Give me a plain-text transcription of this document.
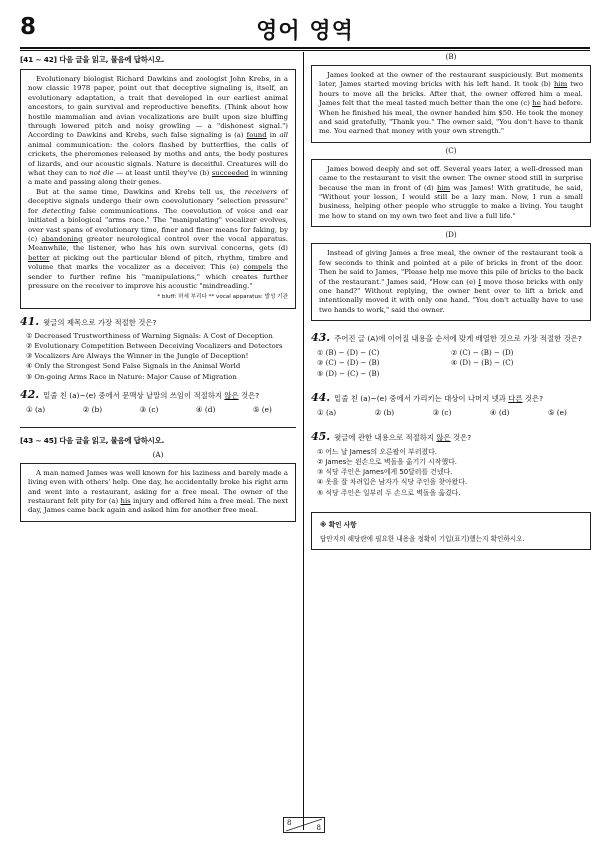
8	영어 영역
[41 ~ 42] 다음 글을 읽고, 물음에 답하시오.

Evolutionary biologist Richard Dawkins and zoologist John Krebs, in a now classic 1978 paper, point out that deceptive signaling is, itself, an evolutionary adaptation, a trait that developed in our earliest animal ancestors, to gain survival and reproductive benefits. (Think about how hostile mammalian and avian vocalizations are built upon size bluffing through lowered pitch and noisy growling — a "dishonest signal.") According to Dawkins and Krebs, such false signaling is (a) found in all animal communication: the colors flashed by butterflies, the calls of crickets, the pheromones released by moths and ants, the body postures of lizards, and our acoustic signals. Nature is deceitful. Creatures will do what they can to not die — at least until they've (b) succeeded in winning a mate and passing along their genes.

But at the same time, Dawkins and Krebs tell us, the receivers of deceptive signals undergo their own coevolutionary "selection pressure" for detecting false communications. The coevolution of voice and ear initiated a biological "arms race." The "manipulating" vocalizer evolves, over vast spans of evolutionary time, finer and finer means for faking, by (c) abandoning greater neurological control over the vocal apparatus. Meanwhile, the listener, who has his own survival concerns, gets (d) better at picking out the particular blend of pitch, rhythm, timbre and volume that marks the vocalizer as a deceiver. This (e) compels the sender to further refine his "manipulations," which creates further pressure on the receiver to improve his acoustic "mindreading."

* bluff: 허세 부리다 ** vocal apparatus: 발성 기관
41. 윗글의 제목으로 가장 적절한 것은?
① Decreased Trustworthiness of Warning Signals: A Cost of Deception
② Evolutionary Competition Between Deceiving Vocalizers and Detectors
③ Vocalizers Are Always the Winner in the Jungle of Deception!
④ Only the Strongest Send False Signals in the Animal World
⑤ On-going Arms Race in Nature: Major Cause of Migration
42. 밑줄 친 (a)~(e) 중에서 문맥상 낱말의 쓰임이 적절하지 않은 것은?
① (a)	② (b)	③ (c)	④ (d)	⑤ (e)
[43 ~ 45] 다음 글을 읽고, 물음에 답하시오.
(A)

A man named James was well known for his laziness and barely made a living even with others' help. One day, he accidentally broke his right arm and went into a restaurant, asking for a free meal. The owner of the restaurant felt pity for (a) his injury and offered him a free meal. The next day, James came back again and asked him for another free meal.

(B)

James looked at the owner of the restaurant suspiciously. But moments later, James started moving bricks with his left hand. It took (b) him two hours to move all the bricks. After that, the owner offered him a meal. James felt that the meal tasted much better than the one (c) he had before. When he finished his meal, the owner handed him $50. He took the money and said gratefully, "Thank you." The owner said, "You don't have to thank me. You earned that money with your own strength."

(C)

James bowed deeply and set off. Several years later, a well-dressed man came to the restaurant to visit the owner. The owner stood still in surprise because the man in front of (d) him was James! With gratitude, he said, "Without your lesson, I would still be a lazy man. Now, I run a small business, helping other people who struggle to make a living. You taught me how to stand on my own two feet and live a full life."

(D)

Instead of giving James a free meal, the owner of the restaurant took a few seconds to think and pointed at a pile of bricks in front of the door. Then he said to James, "Please help me move this pile of bricks to the back of the restaurant." James said, "How can (e) I move those bricks with only one hand?" Without replying, the owner bent over to lift a brick and intentionally moved it with only one hand. "You don't actually have to use two hands to work," said the owner.

43. 주어진 글 (A)에 이어질 내용을 순서에 맞게 배열한 것으로 가장 적절한 것은?
① (B) − (D) − (C)	② (C) − (B) − (D)
③ (C) − (D) − (B)	④ (D) − (B) − (C)
⑤ (D) − (C) − (B)
44. 밑줄 친 (a)~(e) 중에서 가리키는 대상이 나머지 넷과 다른 것은?
① (a)	② (b)	③ (c)	④ (d)	⑤ (e)
45. 윗글에 관한 내용으로 적절하지 않은 것은?
① 어느 날 James의 오른팔이 부러졌다.
② James는 왼손으로 벽돌을 옮기기 시작했다.
③ 식당 주인은 James에게 50달러를 건넸다.
④ 옷을 잘 차려입은 남자가 식당 주인을 찾아왔다.
⑤ 식당 주인은 일부러 두 손으로 벽돌을 옮겼다.
※ 확인 사항
답안지의 해당란에 필요한 내용을 정확히 기입(표기)했는지 확인하시오.
8
8
